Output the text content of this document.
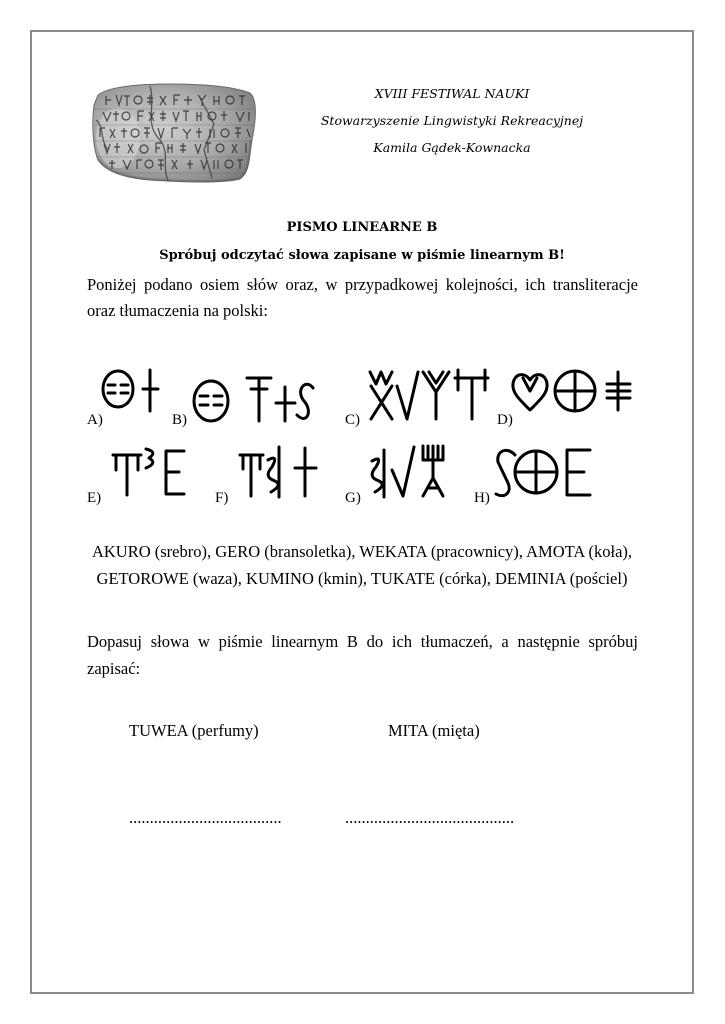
XVIII FESTIWAL NAUKI
Stowarzyszenie Lingwistyki Rekreacyjnej
Kamila Gądek-Kownacka
PISMO LINEARNE B
Spróbuj odczytać słowa zapisane w piśmie linearnym B!
Poniżej podano osiem słów oraz, w przypadkowej kolejności, ich transliteracje
oraz tłumaczenia na polski:
A)	B)	C)	D)
E)	F)	G)	H)
AKURO (srebro), GERO (bransoletka), WEKATA (pracownicy), AMOTA (koła),
GETOROWE (waza), KUMINO (kmin), TUKATE (córka), DEMINIA (pościel)
Dopasuj słowa w piśmie linearnym B do ich tłumaczeń, a następnie spróbuj
zapisać:
TUWEA (perfumy)	MITA (mięta)
.....................................	.........................................
